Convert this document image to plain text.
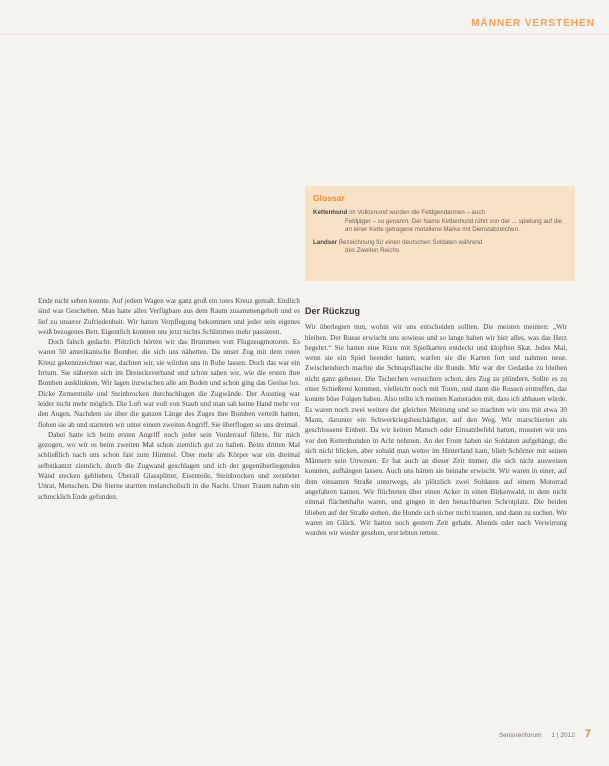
MÄNNER VERSTEHEN
Glossar
Kettenhund im Volksmund wurden die Feldgendarmen – auch
Feldjäger – so genannt. Der Name Kettenhund rührt von der ... spielung auf die an einer Kette getragene metallene Marke mit Dienstabzeichen.
Landser Bezeichnung für einen deutschen Soldaten während
des Zweiten Reichs.

Ende nicht sehen konnte. Auf jedem Wagen war ganz groß ein rotes Kreuz gemalt. Endlich sind was Geschehen. Man hatte alles Verfügbare aus dem Raum zusammengeholt und es lief zu unserer Zufriedenheit. Wir hatten Verpflegung bekommen und jeder sein eigenes weiß bezogenes Bett. Eigentlich konnten uns jetzt nichts Schlimmes mehr passieren.

Doch falsch gedacht. Plötzlich hörten wir das Brummen von Flugzeugmotoren. Es waren 50 amerikanische Bomber, die sich uns näherten. Da unser Zug mit dem roten Kreuz gekennzeichnet war, dachten wir, sie würden uns in Ruhe lassen. Doch das war ein Irrtum. Sie näherten sich im Dreiecksverband und schon sahen wir, wie die ersten ihre Bomben ausklinkten. Wir lagen inzwischen alle am Boden und schon ging das Getöse los. Dicke Zementteile und Steinbrocken durchschlugen die Zugwände. Der Ausstieg war leider nicht mehr möglich. Die Luft war voll von Staub und man sah keine Hand mehr vor den Augen. Nachdem sie über die ganzen Länge des Zuges ihre Bomben verteilt hatten, flohen sie ab und starteten wir unter einem zweiten Angriff. Sie überflogen so uns dreimal.

Dabei hatte ich beim ersten Angriff noch jeder sein Vorderrauf führte, für mich gezogen, wo wir es beim zweiten Mal schon ziemlich gut zu halten. Beim dritten Mal schließlich nach uns schon fast zum Himmel. Über mehr als Körper war ein dreimal selbstkantzt ziemlich, durch die Zugwand geschlagen und ich der gegenüberliegenden Wand stecken geblieben. Überall Glassplitter, Eisenteile, Steinbrocken und zerstörter Unrat, Menschen. Die Sterne starrten melancholisch in die Nacht. Unser Traum nahm ein schrecklich Ende gefunden.

Der Rückzug

Wir überlegten nun, wohin wir uns entscheiden sollten. Die meisten meinten: „Wir bleiben. Der Russe erwischt uns sowieso und so lange haben wir hier alles, was das Herz begehrt.“ Sie hatten eine Kiste mit Spielkarten entdeckt und klopften Skat. Jedes Mal, wenn sie ein Spiel beendet hatten, warfen sie die Karten fort und nahmen neue. Zwischendurch machte die Schnapsflasche die Runde. Mir war der Gedanke zu bleiben nicht ganz geheuer. Die Tschechen versuchten schon, den Zug zu plündern. Sollte es zu einer Schießerei kommen, vielleicht noch mit Toten, und dann die Russen eintreffen, das konnte böse Folgen haben. Also teilte ich meinen Kameraden mit, dass ich abhauen würde. Es waren noch zwei weitere der gleichen Meinung und so machten wir uns mit etwa 30 Mann, darunter ein Schwerkriegsbeschädigter, auf den Weg. Wir marschierten als geschlossene Einheit. Da wir keinen Mansch oder Einsatzbefehl hatten, mussten wir uns vor den Kettenhunden in Acht nehmen. An der Front haben sie Soldaten aufgehängt, die sich nicht blicken, aber sobald man weiter im Hinterland kam, blieb Schörner mit seinen Männern sein Unwesen. Er hat auch an dieser Zeit immer, die sich nicht ausweisen konnten, aufhängen lassen. Auch uns hätten sie beinahe erwischt. Wir waren in einer, auf dem einsamen Straße unterwegs, als plötzlich zwei Soldaten auf einem Motorrad angefahren kamen. Wir flüchteten über einen Acker in einen Birkenwald, in dem nicht einmal flächenhafte waren, und gingen in den benachbarten Schrotplatz. Die beiden blieben auf der Straße stehen, die Hunde sich sicher nicht trauten, und dann zu suchen. Wir waren im Glück. Wir hatten noch gestern Zeit gehabt. Abends oder nach Verwirrung wurden wir wieder gesehen, erst lebten rettete.

Seniorenforum 1 | 2012 7
